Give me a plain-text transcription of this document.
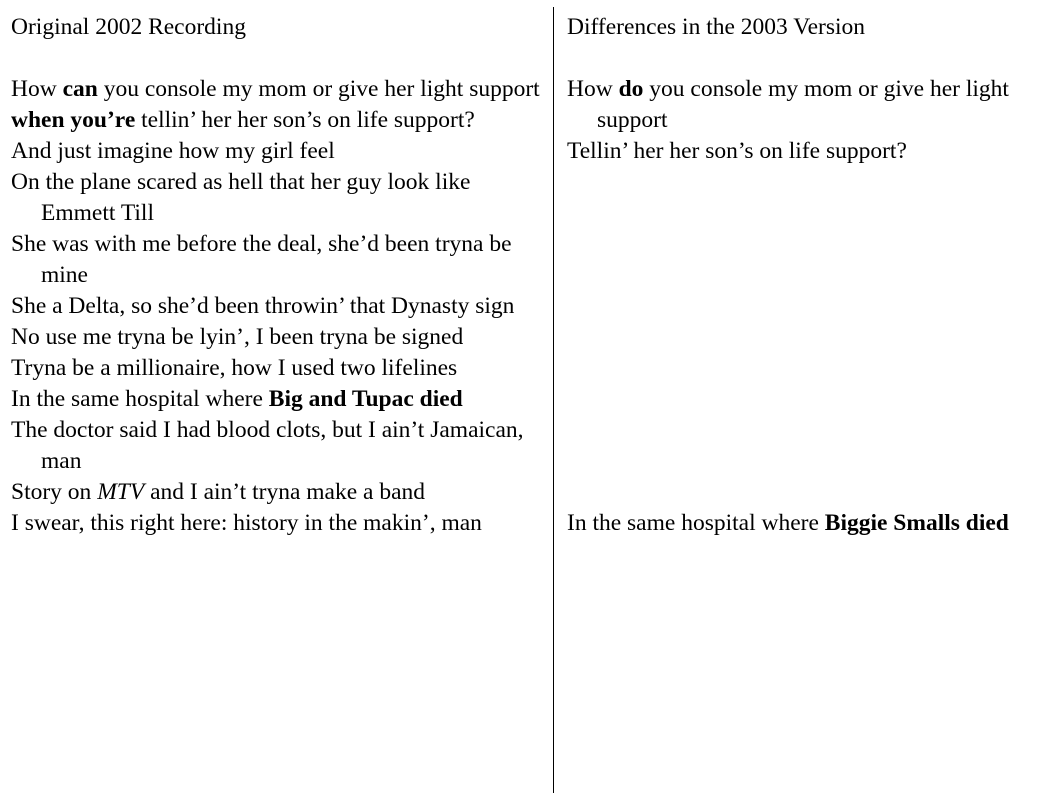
Original 2002 Recording
How can you console my mom or give her light support
when you’re tellin’ her her son’s on life support?
And just imagine how my girl feel
On the plane scared as hell that her guy look like Emmett Till
She was with me before the deal, she’d been tryna be mine
She a Delta, so she’d been throwin’ that Dynasty sign
No use me tryna be lyin’, I been tryna be signed
Tryna be a millionaire, how I used two lifelines
In the same hospital where Big and Tupac died
The doctor said I had blood clots, but I ain’t Jamaican, man
Story on MTV and I ain’t tryna make a band
I swear, this right here: history in the makin’, man
Differences in the 2003 Version
How do you console my mom or give her light support
Tellin’ her her son’s on life support?
In the same hospital where Biggie Smalls died
